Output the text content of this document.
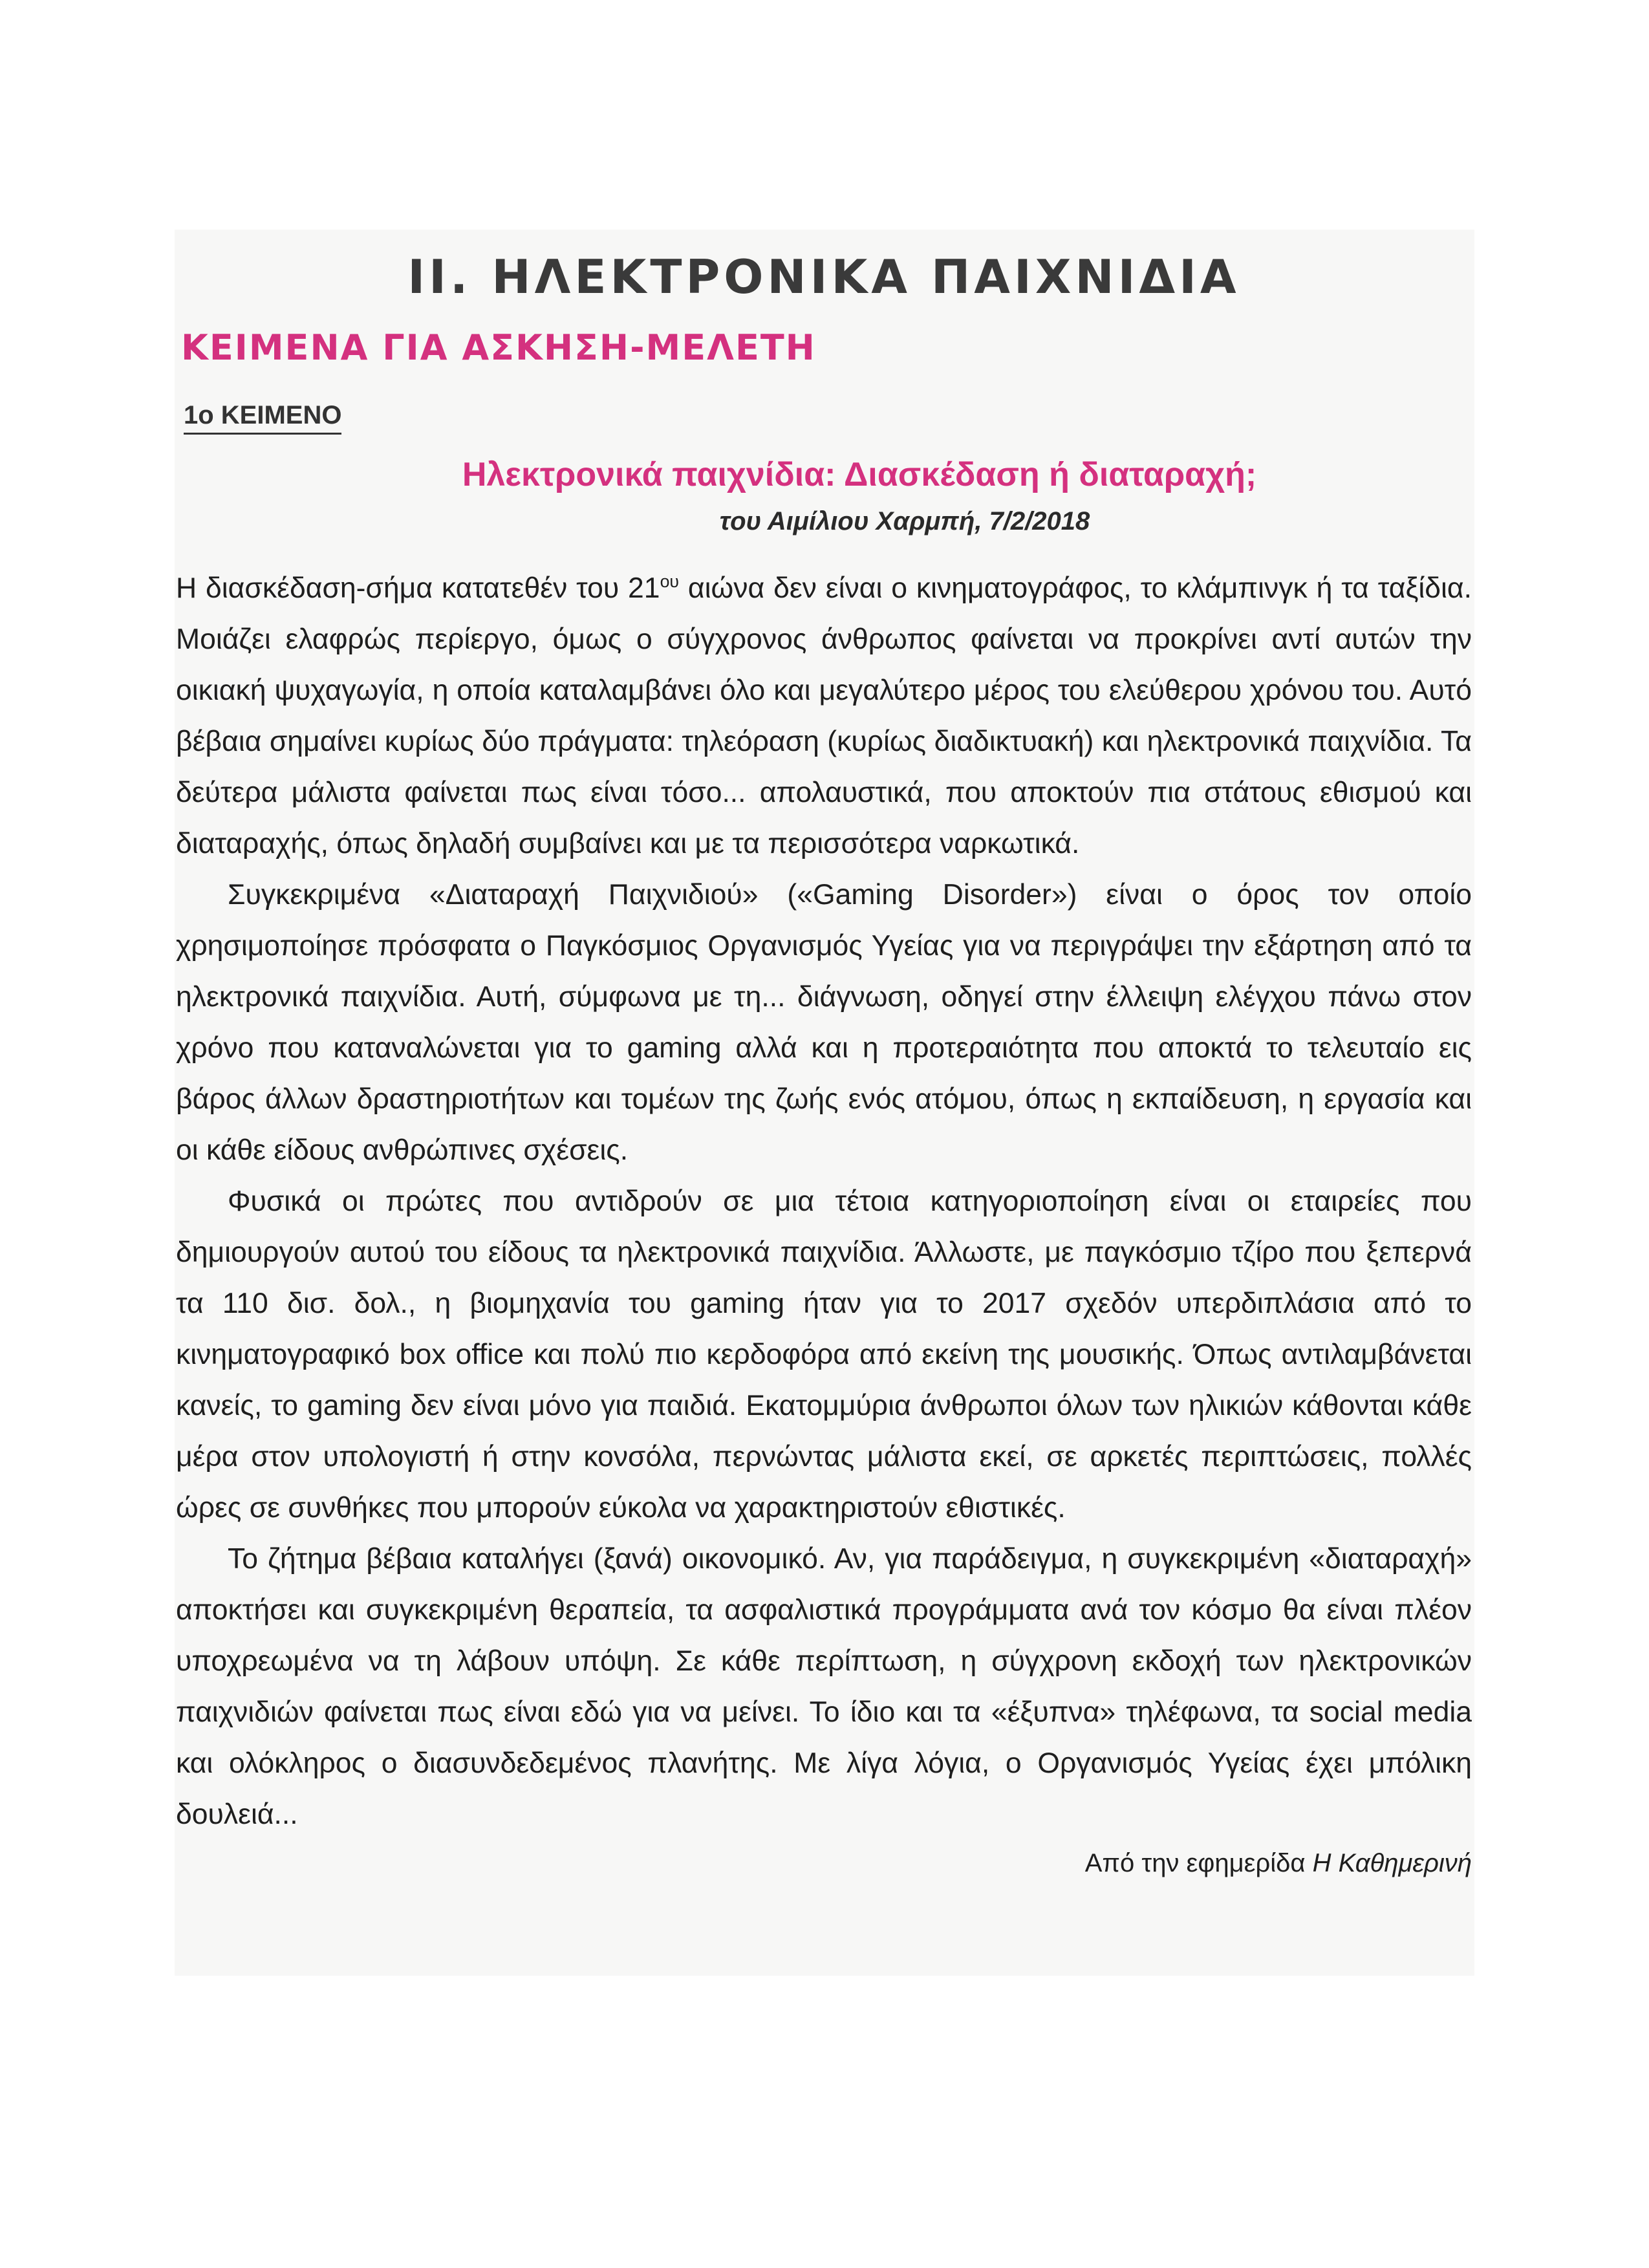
ΙΙ. ΗΛΕΚΤΡΟΝΙΚΑ ΠΑΙΧΝΙΔΙΑ
ΚΕΙΜΕΝΑ ΓΙΑ ΑΣΚΗΣΗ-ΜΕΛΕΤΗ
1ο ΚΕΙΜΕΝΟ
Ηλεκτρονικά παιχνίδια: Διασκέδαση ή διαταραχή;
του Αιμίλιου Χαρμπή, 7/2/2018

Η διασκέδαση-σήμα κατατεθέν του $21^{o\upsilon}$ αιώνα δεν είναι ο κινηματογράφος, το κλάμπινγκ ή τα ταξίδια. Μοιάζει ελαφρώς περίεργο, όμως ο σύγχρονος άνθρωπος φαίνεται να προκρίνει αντί αυτών την οικιακή ψυχαγωγία, η οποία καταλαμβάνει όλο και μεγαλύτερο μέρος του ελεύθερου χρόνου του. Αυτό βέβαια σημαίνει κυρίως δύο πράγματα: τηλεόραση (κυρίως διαδικτυακή) και ηλεκτρονικά παιχνίδια. Τα δεύτερα μάλιστα φαίνεται πως είναι τόσο... απολαυστικά, που αποκτούν πια στάτους εθισμού και διαταραχής, όπως δηλαδή συμβαίνει και με τα περισσότερα ναρκωτικά.

Συγκεκριμένα «Διαταραχή Παιχνιδιού» («Gaming Disorder») είναι ο όρος τον οποίο χρησιμοποίησε πρόσφατα ο Παγκόσμιος Οργανισμός Υγείας για να περιγράψει την εξάρτηση από τα ηλεκτρονικά παιχνίδια. Αυτή, σύμφωνα με τη... διάγνωση, οδηγεί στην έλλειψη ελέγχου πάνω στον χρόνο που καταναλώνεται για το gaming αλλά και η προτεραιότητα που αποκτά το τελευταίο εις βάρος άλλων δραστηριοτήτων και τομέων της ζωής ενός ατόμου, όπως η εκπαίδευση, η εργασία και οι κάθε είδους ανθρώπινες σχέσεις.

Φυσικά οι πρώτες που αντιδρούν σε μια τέτοια κατηγοριοποίηση είναι οι εταιρείες που δημιουργούν αυτού του είδους τα ηλεκτρονικά παιχνίδια. Άλλωστε, με παγκόσμιο τζίρο που ξεπερνά τα 110 δισ. δολ., η βιομηχανία του gaming ήταν για το 2017 σχεδόν υπερδιπλάσια από το κινηματογραφικό box office και πολύ πιο κερδοφόρα από εκείνη της μουσικής. Όπως αντιλαμβάνεται κανείς, το gaming δεν είναι μόνο για παιδιά. Εκατομμύρια άνθρωποι όλων των ηλικιών κάθονται κάθε μέρα στον υπολογιστή ή στην κονσόλα, περνώντας μάλιστα εκεί, σε αρκετές περιπτώσεις, πολλές ώρες σε συνθήκες που μπορούν εύκολα να χαρακτηριστούν εθιστικές.

Το ζήτημα βέβαια καταλήγει (ξανά) οικονομικό. Αν, για παράδειγμα, η συγκεκριμένη «διαταραχή» αποκτήσει και συγκεκριμένη θεραπεία, τα ασφαλιστικά προγράμματα ανά τον κόσμο θα είναι πλέον υποχρεωμένα να τη λάβουν υπόψη. Σε κάθε περίπτωση, η σύγχρονη εκδοχή των ηλεκτρονικών παιχνιδιών φαίνεται πως είναι εδώ για να μείνει. Το ίδιο και τα «έξυπνα» τηλέφωνα, τα social media και ολόκληρος ο διασυνδεδεμένος πλανήτης. Με λίγα λόγια, ο Οργανισμός Υγείας έχει μπόλικη δουλειά...

Από την εφημερίδα Η Καθημερινή
